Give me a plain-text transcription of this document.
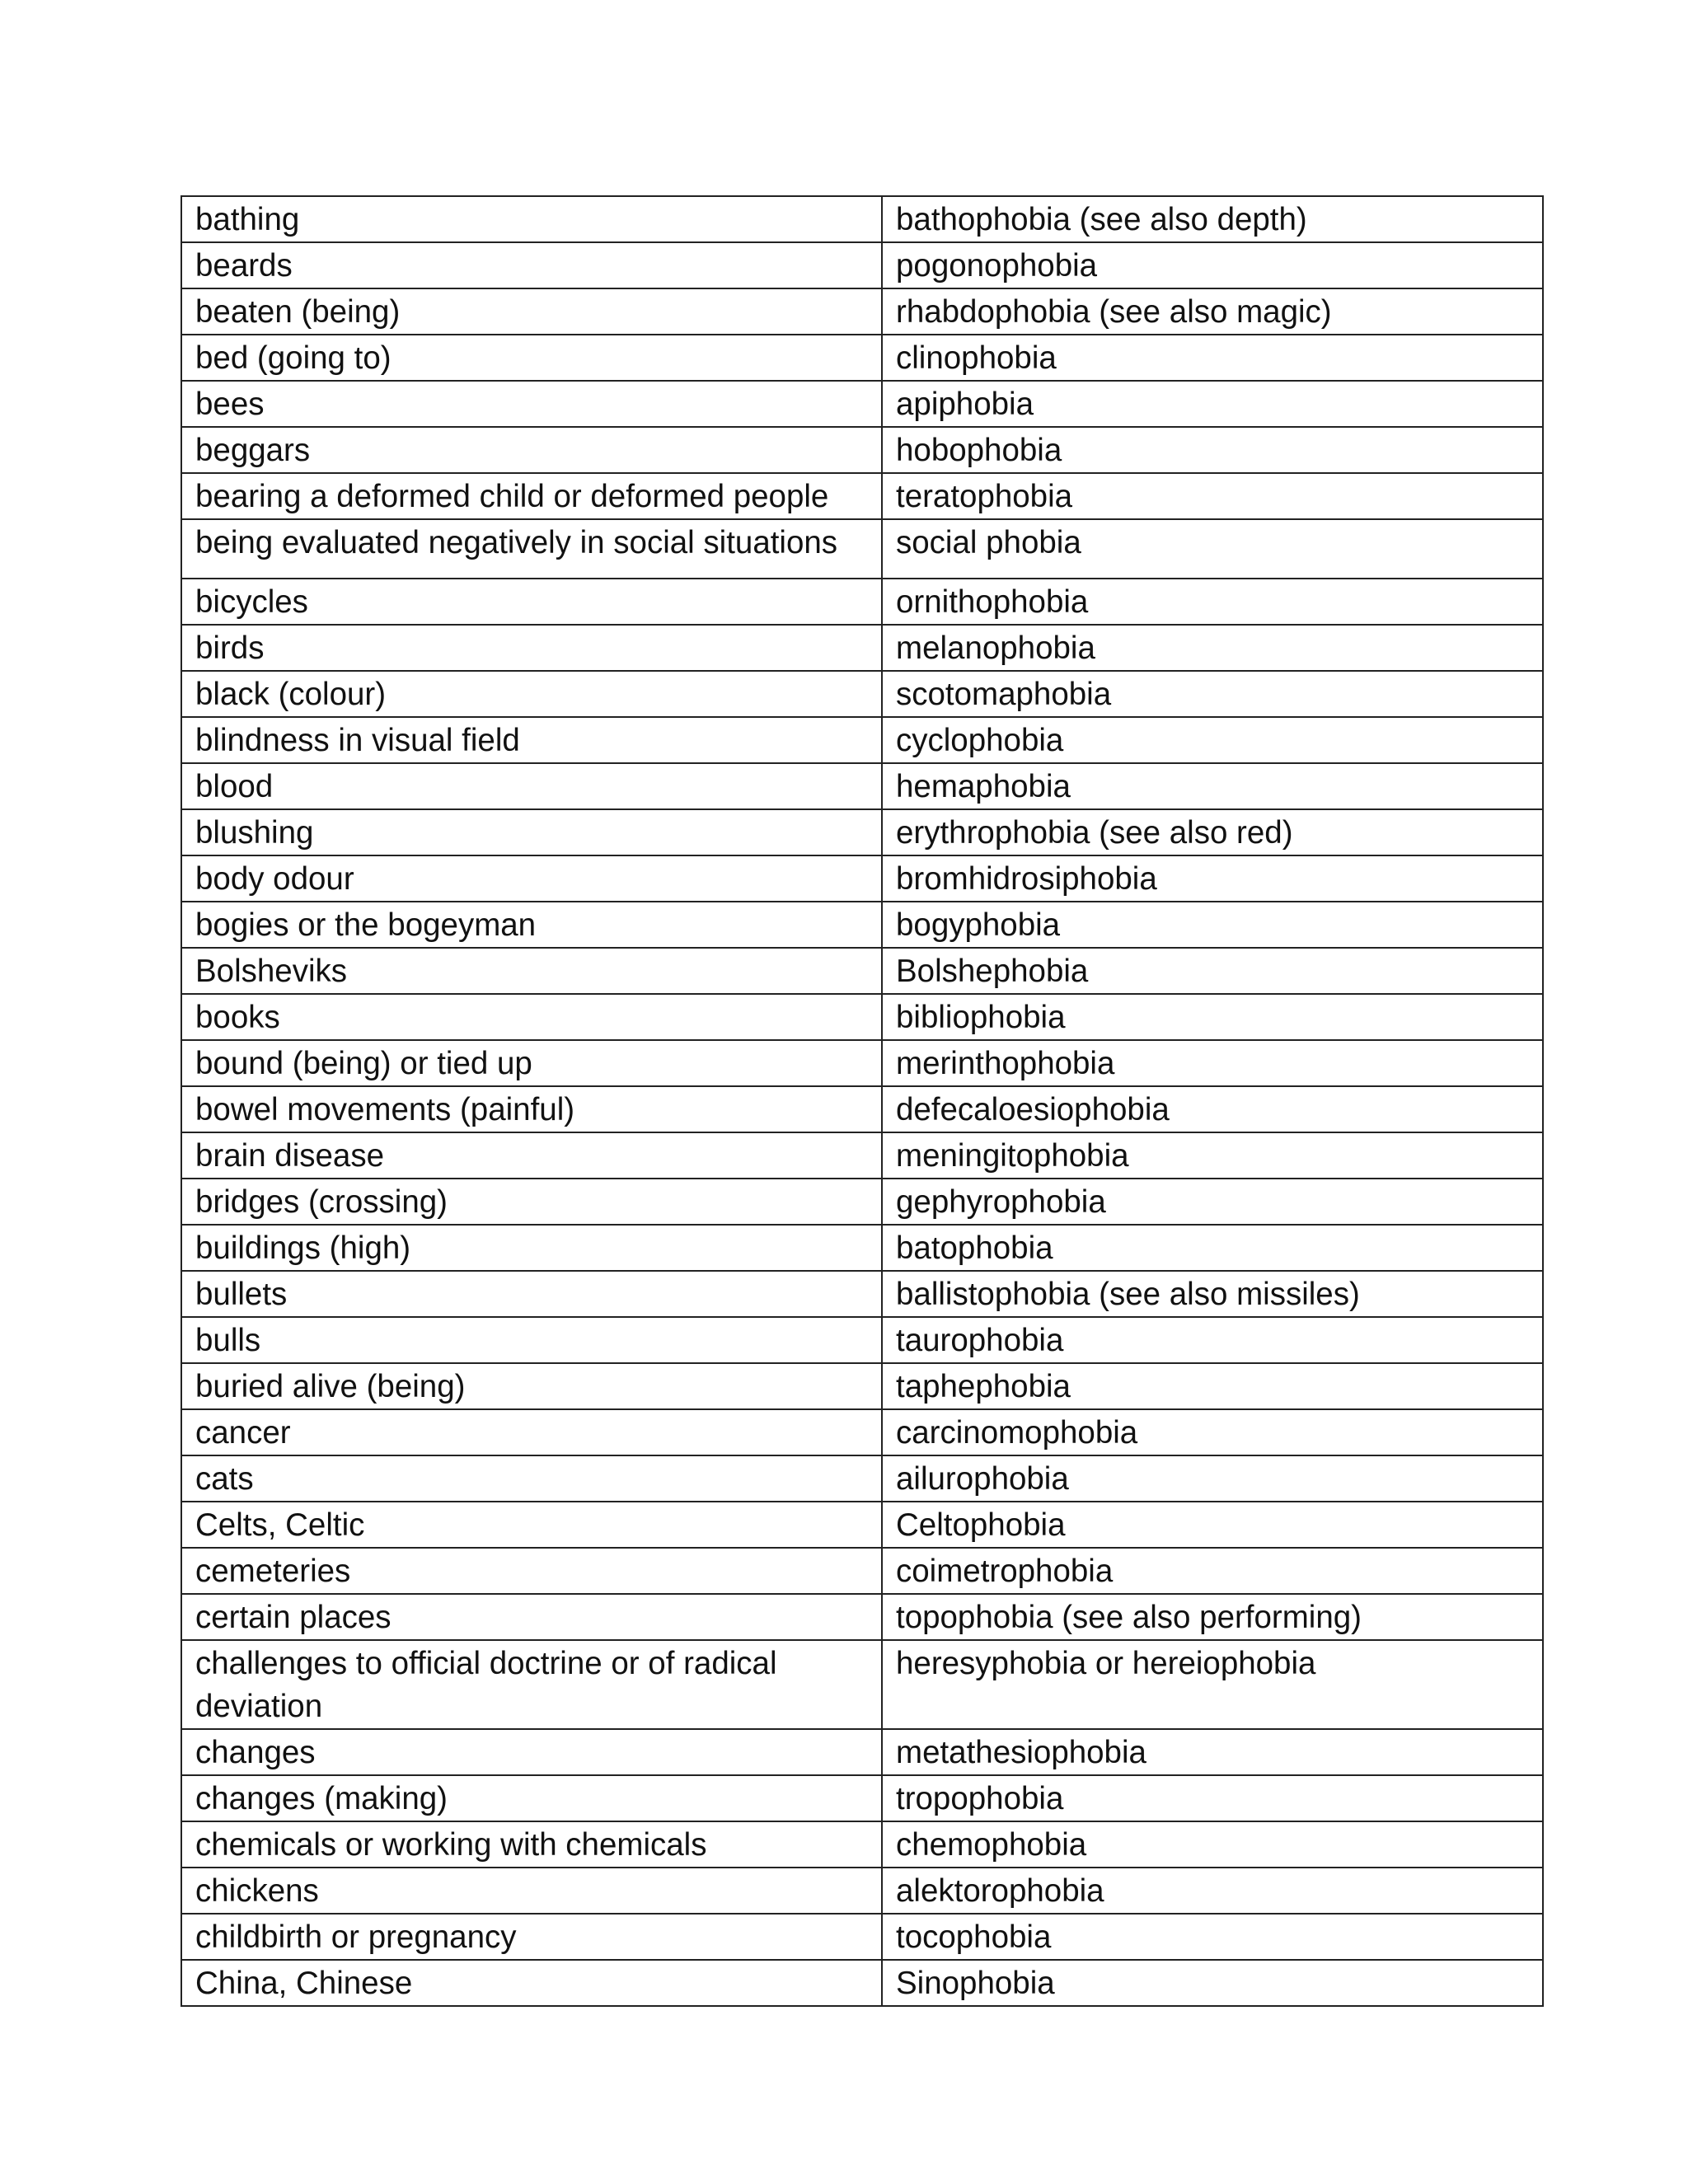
bathing	bathophobia (see also depth)
beards	pogonophobia
beaten (being)	rhabdophobia (see also magic)
bed (going to)	clinophobia
bees	apiphobia
beggars	hobophobia
bearing a deformed child or deformed people	teratophobia
being evaluated negatively in social situations	social phobia
bicycles	ornithophobia
birds	melanophobia
black (colour)	scotomaphobia
blindness in visual field	cyclophobia
blood	hemaphobia
blushing	erythrophobia (see also red)
body odour	bromhidrosiphobia
bogies or the bogeyman	bogyphobia
Bolsheviks	Bolshephobia
books	bibliophobia
bound (being) or tied up	merinthophobia
bowel movements (painful)	defecaloesiophobia
brain disease	meningitophobia
bridges (crossing)	gephyrophobia
buildings (high)	batophobia
bullets	ballistophobia (see also missiles)
bulls	taurophobia
buried alive (being)	taphephobia
cancer	carcinomophobia
cats	ailurophobia
Celts, Celtic	Celtophobia
cemeteries	coimetrophobia
certain places	topophobia (see also performing)
challenges to official doctrine or of radical deviation	heresyphobia or hereiophobia
changes	metathesiophobia
changes (making)	tropophobia
chemicals or working with chemicals	chemophobia
chickens	alektorophobia
childbirth or pregnancy	tocophobia
China, Chinese	Sinophobia
